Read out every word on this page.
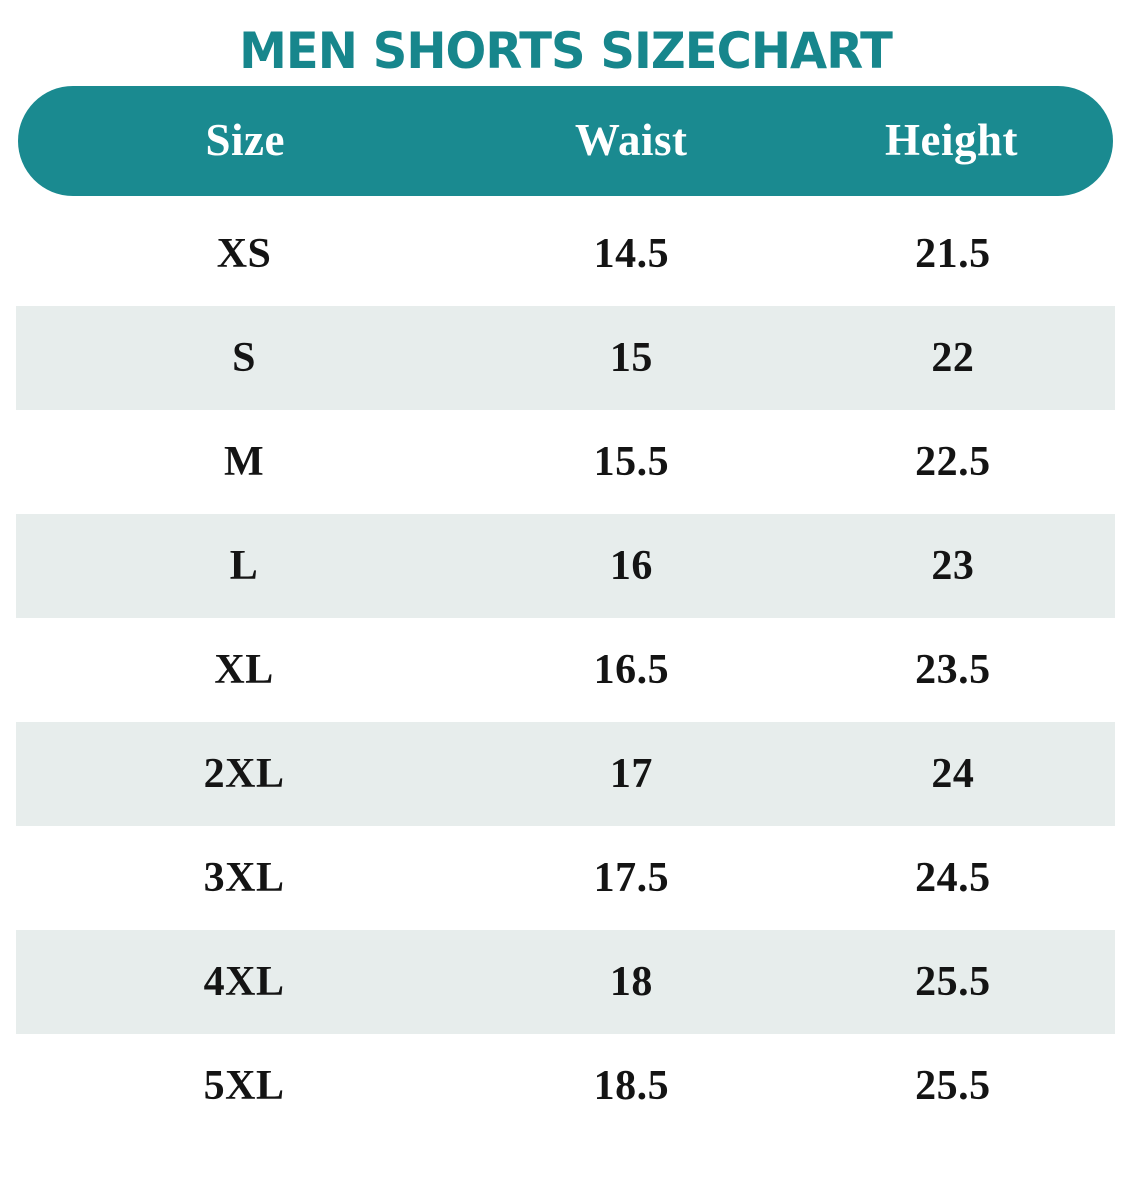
MEN SHORTS SIZECHART
Size	Waist	Height
XS	14.5	21.5
S	15	22
M	15.5	22.5
L	16	23
XL	16.5	23.5
2XL	17	24
3XL	17.5	24.5
4XL	18	25.5
5XL	18.5	25.5
